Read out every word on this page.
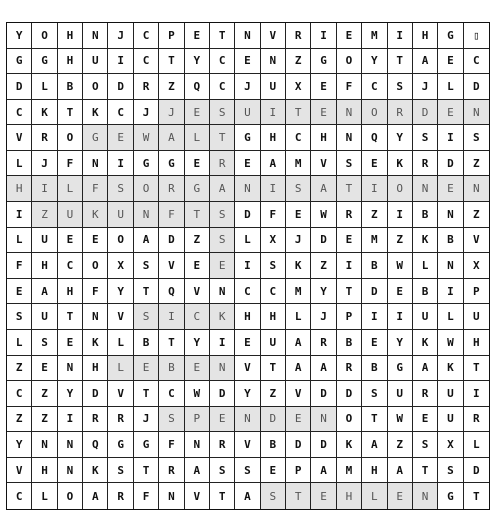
Y	O	H	N	J	C	P	E	T	N	V	R	I	E	M	I	H	G	▯
G	G	H	U	I	C	T	Y	C	E	N	Z	G	O	Y	T	A	E	C
D	L	B	O	D	R	Z	Q	C	J	U	X	E	F	C	S	J	L	D
C	K	T	K	C	J	J	E	S	U	I	T	E	N	O	R	D	E	N
V	R	O	G	E	W	A	L	T	G	H	C	H	N	Q	Y	S	I	S
L	J	F	N	I	G	G	E	R	E	A	M	V	S	E	K	R	D	Z
H	I	L	F	S	O	R	G	A	N	I	S	A	T	I	O	N	E	N
I	Z	U	K	U	N	F	T	S	D	F	E	W	R	Z	I	B	N	Z
L	U	E	E	O	A	D	Z	S	L	X	J	D	E	M	Z	K	B	V
F	H	C	O	X	S	V	E	E	I	S	K	Z	I	B	W	L	N	X
E	A	H	F	Y	T	Q	V	N	C	C	M	Y	T	D	E	B	I	P
S	U	T	N	V	S	I	C	K	H	H	L	J	P	I	I	U	L	U
L	S	E	K	L	B	T	Y	I	E	U	A	R	B	E	Y	K	W	H
Z	E	N	H	L	E	B	E	N	V	T	A	A	R	B	G	A	K	T
C	Z	Y	D	V	T	C	W	D	Y	Z	V	D	D	S	U	R	U	I
Z	Z	I	R	R	J	S	P	E	N	D	E	N	O	T	W	E	U	R
Y	N	N	Q	G	G	F	N	R	V	B	D	D	K	A	Z	S	X	L
V	H	N	K	S	T	R	A	S	S	E	P	A	M	H	A	T	S	D
C	L	O	A	R	F	N	V	T	A	S	T	E	H	L	E	N	G	T
